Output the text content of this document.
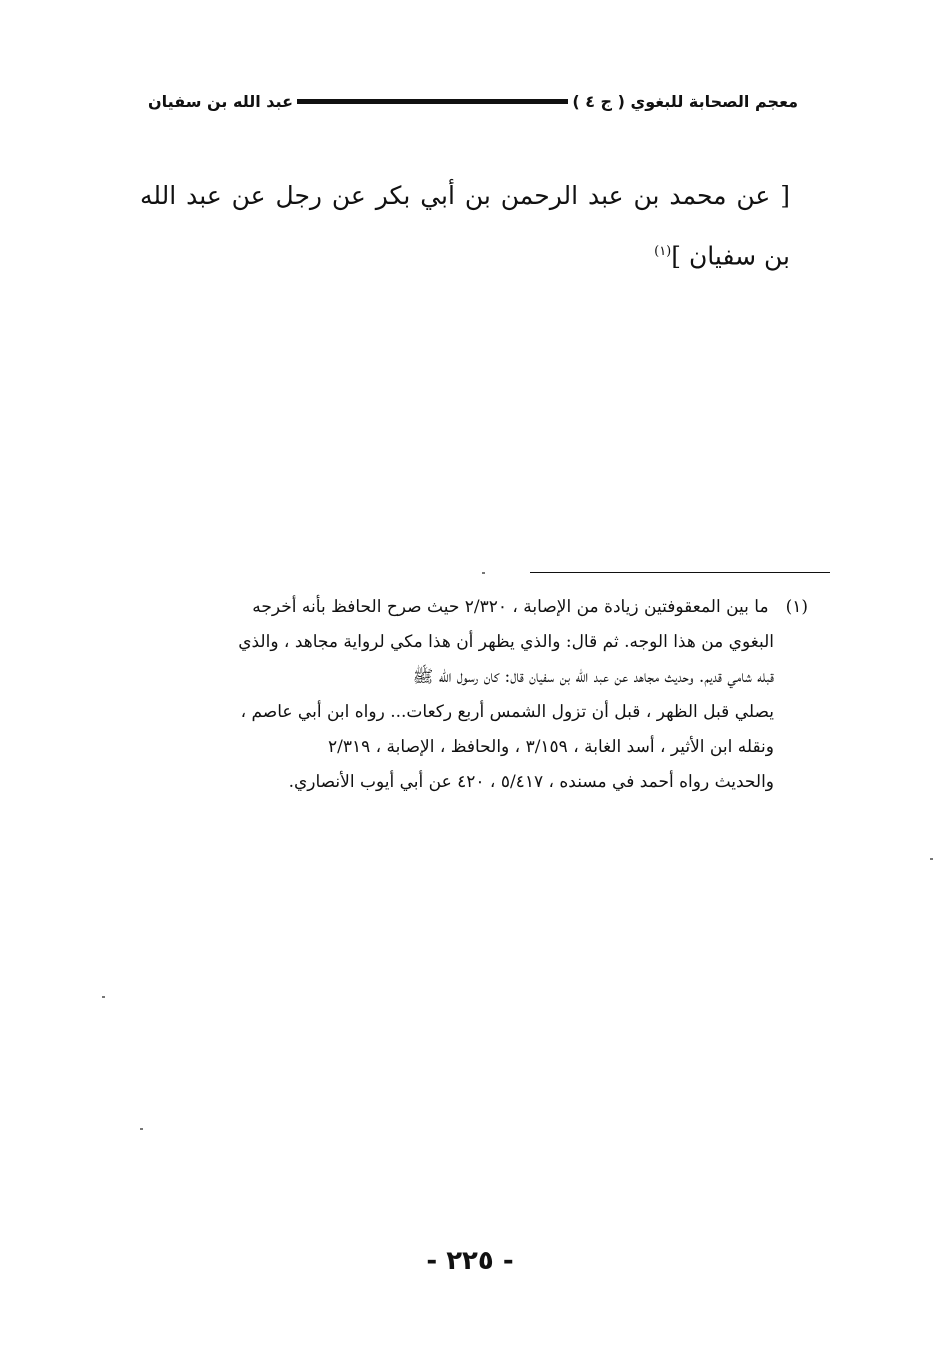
معجم الصحابة للبغوي ( ج ٤ )
عبد الله بن سفيان
[ عن محمد بن عبد الرحمن بن أبي بكر عن رجل عن عبد الله بن سفيان ]$^{(١)}$
(١) ما بين المعقوفتين زيادة من الإصابة ، ٢/٣٢٠ حيث صرح الحافظ بأنه أخرجه
البغوي من هذا الوجه. ثم قال: والذي يظهر أن هذا مكي لرواية مجاهد ، والذي
قبله شامي قديم. وحديث مجاهد عن عبد الله بن سفيان قال: كان رسول الله ﷺ
يصلي قبل الظهر ، قبل أن تزول الشمس أربع ركعات... رواه ابن أبي عاصم ،
ونقله ابن الأثير ، أسد الغابة ، ٣/١٥٩ ، والحافظ ، الإصابة ، ٢/٣١٩
والحديث رواه أحمد في مسنده ، ٥/٤١٧ ، ٤٢٠ عن أبي أيوب الأنصاري.
- ٢٢٥ -
